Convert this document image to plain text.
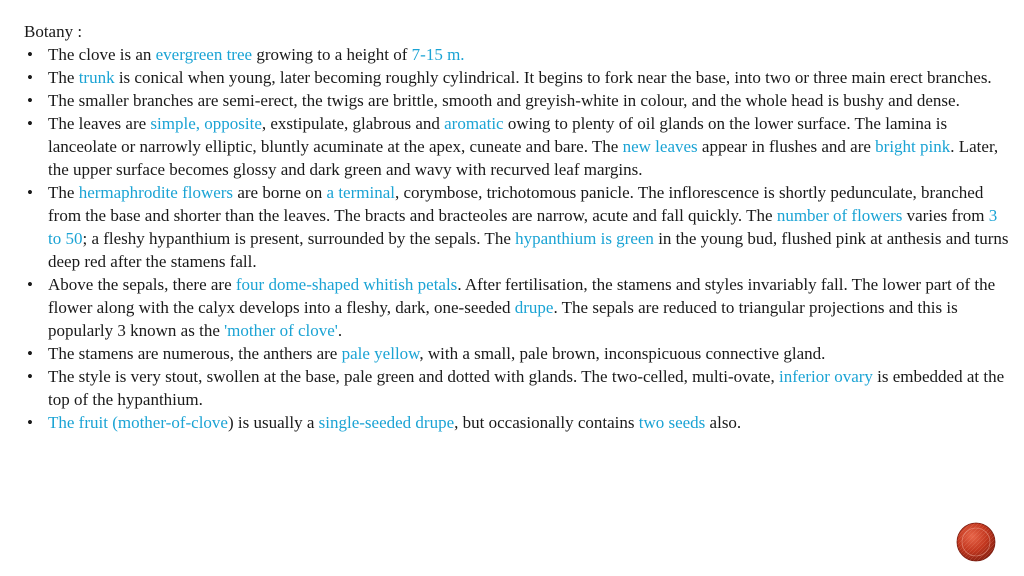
Botany :

• The clove is an evergreen tree growing to a height of 7-15 m.
• The trunk is conical when young, later becoming roughly cylindrical. It begins to fork near the base, into two or three main erect branches.
• The smaller branches are semi-erect, the twigs are brittle, smooth and greyish-white in colour, and the whole head is bushy and dense.
• The leaves are simple, opposite, exstipulate, glabrous and aromatic owing to plenty of oil glands on the lower surface. The lamina is lanceolate or narrowly elliptic, bluntly acuminate at the apex, cuneate and bare. The new leaves appear in flushes and are bright pink. Later, the upper surface becomes glossy and dark green and wavy with recurved leaf margins.
• The hermaphrodite flowers are borne on a terminal, corymbose, trichotomous panicle. The inflorescence is shortly pedunculate, branched from the base and shorter than the leaves. The bracts and bracteoles are narrow, acute and fall quickly. The number of flowers varies from 3 to 50; a fleshy hypanthium is present, surrounded by the sepals. The hypanthium is green in the young bud, flushed pink at anthesis and turns deep red after the stamens fall.
• Above the sepals, there are four dome-shaped whitish petals. After fertilisation, the stamens and styles invariably fall. The lower part of the flower along with the calyx develops into a fleshy, dark, one-seeded drupe. The sepals are reduced to triangular projections and this is popularly 3 known as the 'mother of clove'.
• The stamens are numerous, the anthers are pale yellow, with a small, pale brown, inconspicuous connective gland.
• The style is very stout, swollen at the base, pale green and dotted with glands. The two-celled, multi-ovate, inferior ovary is embedded at the top of the hypanthium.
• The fruit (mother-of-clove) is usually a single-seeded drupe, but occasionally contains two seeds also.
